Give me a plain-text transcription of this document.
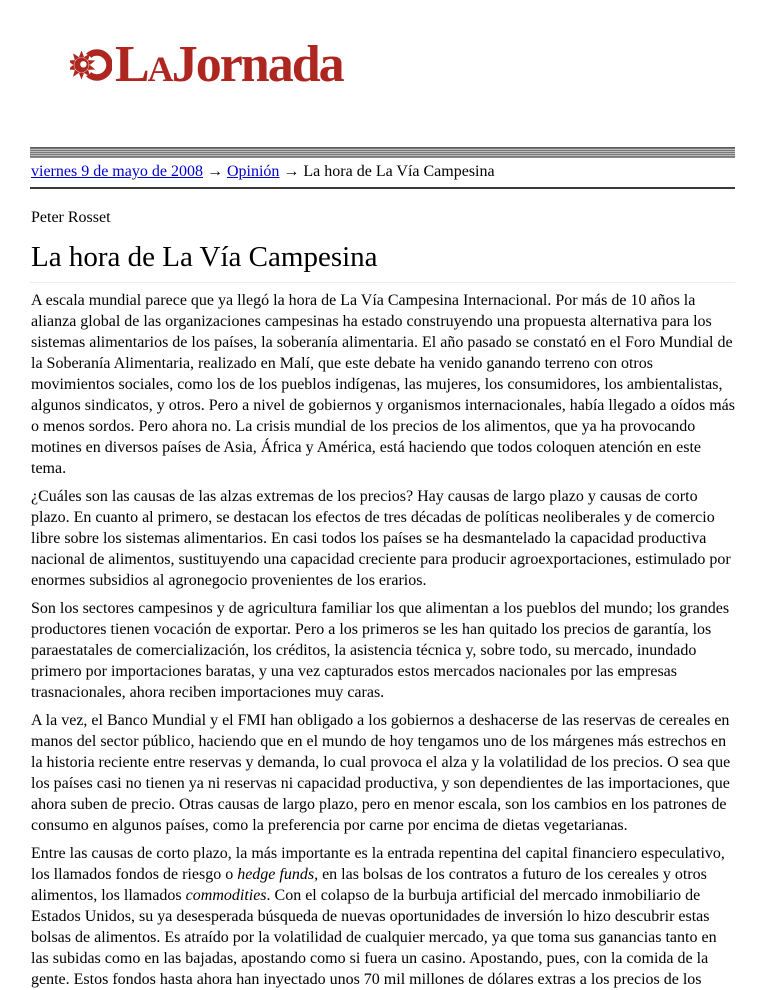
LaJornada
viernes 9 de mayo de 2008 → Opinión → La hora de La Vía Campesina
Peter Rosset
La hora de La Vía Campesina

A escala mundial parece que ya llegó la hora de La Vía Campesina Internacional. Por más de 10 años la alianza global de las organizaciones campesinas ha estado construyendo una propuesta alternativa para los sistemas alimentarios de los países, la soberanía alimentaria. El año pasado se constató en el Foro Mundial de la Soberanía Alimentaria, realizado en Malí, que este debate ha venido ganando terreno con otros movimientos sociales, como los de los pueblos indígenas, las mujeres, los consumidores, los ambientalistas, algunos sindicatos, y otros. Pero a nivel de gobiernos y organismos internacionales, había llegado a oídos más o menos sordos. Pero ahora no. La crisis mundial de los precios de los alimentos, que ya ha provocando motines en diversos países de Asia, África y América, está haciendo que todos coloquen atención en este tema.

¿Cuáles son las causas de las alzas extremas de los precios? Hay causas de largo plazo y causas de corto plazo. En cuanto al primero, se destacan los efectos de tres décadas de políticas neoliberales y de comercio libre sobre los sistemas alimentarios. En casi todos los países se ha desmantelado la capacidad productiva nacional de alimentos, sustituyendo una capacidad creciente para producir agroexportaciones, estimulado por enormes subsidios al agronegocio provenientes de los erarios.

Son los sectores campesinos y de agricultura familiar los que alimentan a los pueblos del mundo; los grandes productores tienen vocación de exportar. Pero a los primeros se les han quitado los precios de garantía, los paraestatales de comercialización, los créditos, la asistencia técnica y, sobre todo, su mercado, inundado primero por importaciones baratas, y una vez capturados estos mercados nacionales por las empresas trasnacionales, ahora reciben importaciones muy caras.

A la vez, el Banco Mundial y el FMI han obligado a los gobiernos a deshacerse de las reservas de cereales en manos del sector público, haciendo que en el mundo de hoy tengamos uno de los márgenes más estrechos en la historia reciente entre reservas y demanda, lo cual provoca el alza y la volatilidad de los precios. O sea que los países casi no tienen ya ni reservas ni capacidad productiva, y son dependientes de las importaciones, que ahora suben de precio. Otras causas de largo plazo, pero en menor escala, son los cambios en los patrones de consumo en algunos países, como la preferencia por carne por encima de dietas vegetarianas.

Entre las causas de corto plazo, la más importante es la entrada repentina del capital financiero especulativo, los llamados fondos de riesgo o hedge funds, en las bolsas de los contratos a futuro de los cereales y otros alimentos, los llamados commodities. Con el colapso de la burbuja artificial del mercado inmobiliario de Estados Unidos, su ya desesperada búsqueda de nuevas oportunidades de inversión lo hizo descubrir estas bolsas de alimentos. Es atraído por la volatilidad de cualquier mercado, ya que toma sus ganancias tanto en las subidas como en las bajadas, apostando como si fuera un casino. Apostando, pues, con la comida de la gente. Estos fondos hasta ahora han inyectado unos 70 mil millones de dólares extras a los precios de los
